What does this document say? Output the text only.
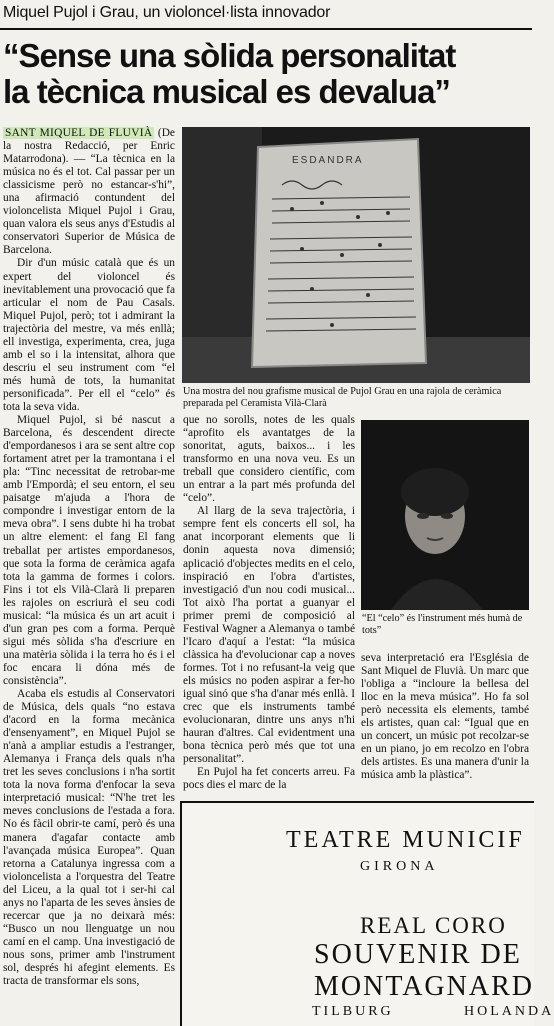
Miquel Pujol i Grau, un violoncel·lista innovador
“Sense una sòlida personalitat
la tècnica musical es devalua”

SANT MIQUEL DE FLUVIÀ (De la nostra Redacció, per Enric Matarrodona). — “La tècnica en la música no és el tot. Cal passar per un classicisme però no estancar-s'hi”, una afirmació contundent del violoncelista Miquel Pujol i Grau, quan valora els seus anys d'Estudis al conservatori Superior de Música de Barcelona.

Dir d'un músic català que és un expert del violoncel és inevitablement una provocació que fa articular el nom de Pau Casals. Miquel Pujol, però; tot i admirant la trajectòria del mestre, va més enllà; ell investiga, experimenta, crea, juga amb el so i la intensitat, alhora que descriu el seu instrument com “el més humà de tots, la humanitat personificada”. Per ell el “celo” és tota la seva vida.

Miquel Pujol, si bé nascut a Barcelona, és descendent directe d'empordanesos i ara se sent altre cop fortament atret per la tramontana i el pla: “Tinc necessitat de retrobar-me amb l'Empordà; el seu entorn, el seu paisatge m'ajuda a l'hora de compondre i investigar entorn de la meva obra”. I sens dubte hi ha trobat un altre element: el fang El fang treballat per artistes empordanesos, que sota la forma de ceràmica agafa tota la gamma de formes i colors. Fins i tot els Vilà-Clarà li preparen les rajoles on escriurà el seu codi musical: “la música és un art acuit i d'un gran pes com a forma. Perquè sigui més sòlida s'ha d'escriure en una matèria sòlida i la terra ho és i el foc encara li dóna més de consistència”.

Acaba els estudis al Conservatori de Música, dels quals “no estava d'acord en la forma mecànica d'ensenyament”, en Miquel Pujol se n'anà a ampliar estudis a l'estranger, Alemanya i França dels quals n'ha tret les seves conclusions i n'ha sortit tota la nova forma d'enfocar la seva interpretació musical: “N'he tret les meves conclusions de l'estada a fora. No és fàcil obrir-te camí, però és una manera d'agafar contacte amb l'avançada música Europea”. Quan retorna a Catalunya ingressa com a violoncelista a l'orquestra del Teatre del Liceu, a la qual tot i ser-hi cal anys no l'aparta de les seves ànsies de recercar que ja no deixarà més: “Busco un nou llenguatge un nou camí en el camp. Una investigació de nous sons, primer amb l'instrument sol, després hi afegint elements. Es tracta de transformar els sons,

ESDANDRA
Una mostra del nou grafisme musical de Pujol Grau en una rajola de ceràmica preparada pel Ceramista Vilà-Clarà

que no sorolls, notes de les quals “aprofito els avantatges de la sonoritat, aguts, baixos... i les transformo en una nova veu. Es un treball que considero científic, com un entrar a la part més profunda del “celo”.

Al llarg de la seva trajectòria, i sempre fent els concerts ell sol, ha anat incorporant elements que li donin aquesta nova dimensió; aplicació d'objectes medits en el celo, inspiració en l'obra d'artistes, investigació d'un nou codi musical... Tot això l'ha portat a guanyar el primer premi de composició al Festival Wagner a Alemanya o també l'Icaro d'aquí a l'estat: “la música clàssica ha d'evolucionar cap a noves formes. Tot i no refusant-la veig que els músics no poden aspirar a fer-ho igual sinó que s'ha d'anar més enllà. I crec que els instruments també evolucionaran, dintre uns anys n'hi hauran d'altres. Cal evidentment una bona tècnica però més que tot una personalitat”.

En Pujol ha fet concerts arreu. Fa pocs dies el marc de la

“El “celo” és l'instrument més humà de tots”

seva interpretació era l'Església de Sant Miquel de Fluvià. Un marc que l'obliga a “incloure la bellesa del lloc en la meva música”. Ho fa sol però necessita els elements, també els artistes, quan cal: “Igual que en un concert, un músic pot recolzar-se en un piano, jo em recolzo en l'obra dels artistes. Es una manera d'unir la música amb la plàstica”.

TEATRE MUNICIF
GIRONA
REAL CORO
SOUVENIR DE
MONTAGNARD
TILBURG	HOLANDA
